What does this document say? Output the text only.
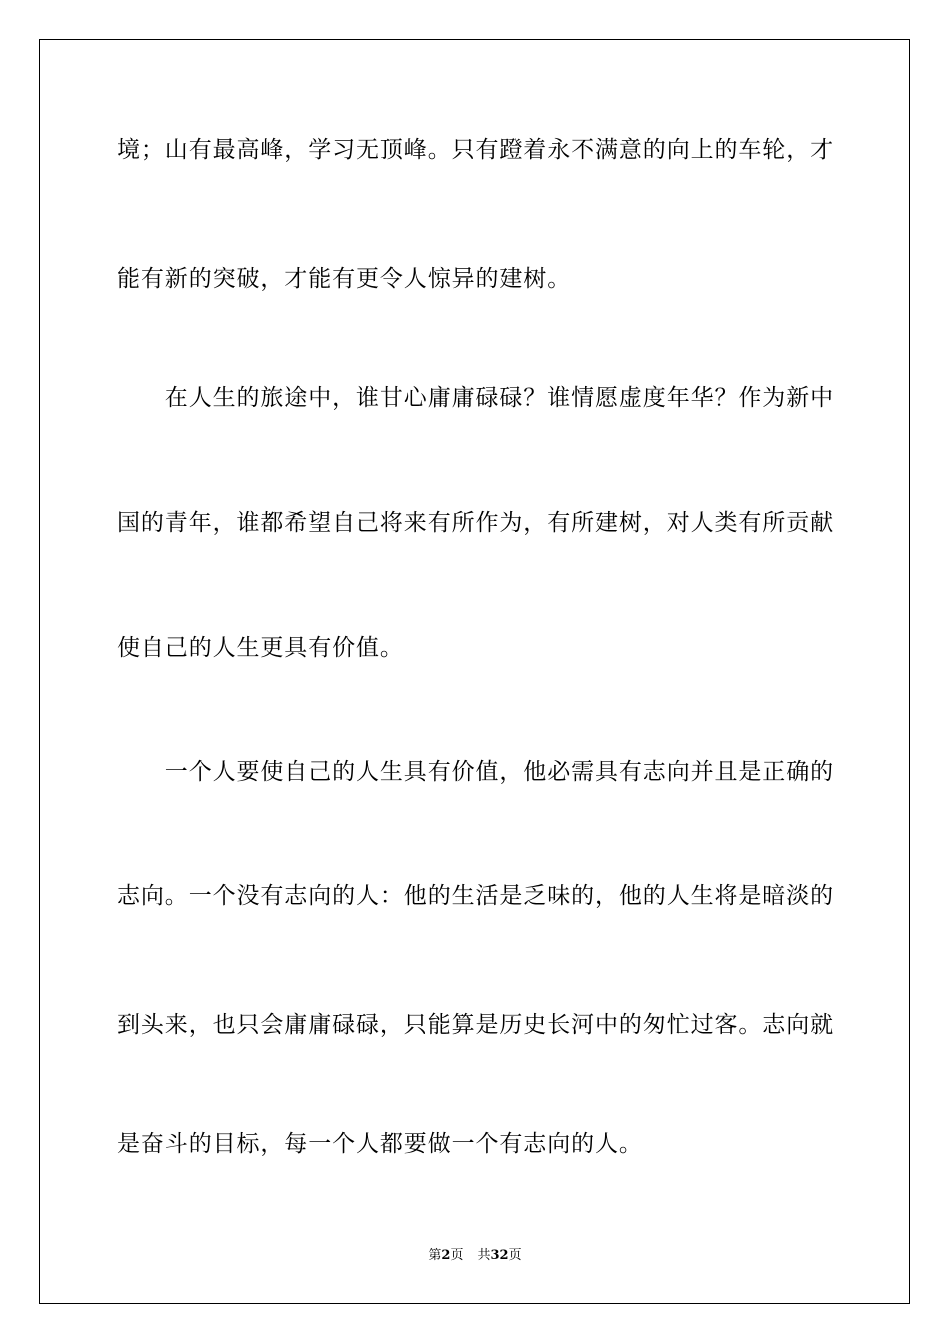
境；山有最高峰，学习无顶峰。只有蹬着永不满意的向上的车轮，才
能有新的突破，才能有更令人惊异的建树。
　　在人生的旅途中，谁甘心庸庸碌碌？谁情愿虚度年华？作为新中
国的青年，谁都希望自己将来有所作为，有所建树，对人类有所贡献
使自己的人生更具有价值。
　　一个人要使自己的人生具有价值，他必需具有志向并且是正确的
志向。一个没有志向的人：他的生活是乏味的，他的人生将是暗淡的
到头来，也只会庸庸碌碌，只能算是历史长河中的匆忙过客。志向就
是奋斗的目标，每一个人都要做一个有志向的人。
第2页 共32页
